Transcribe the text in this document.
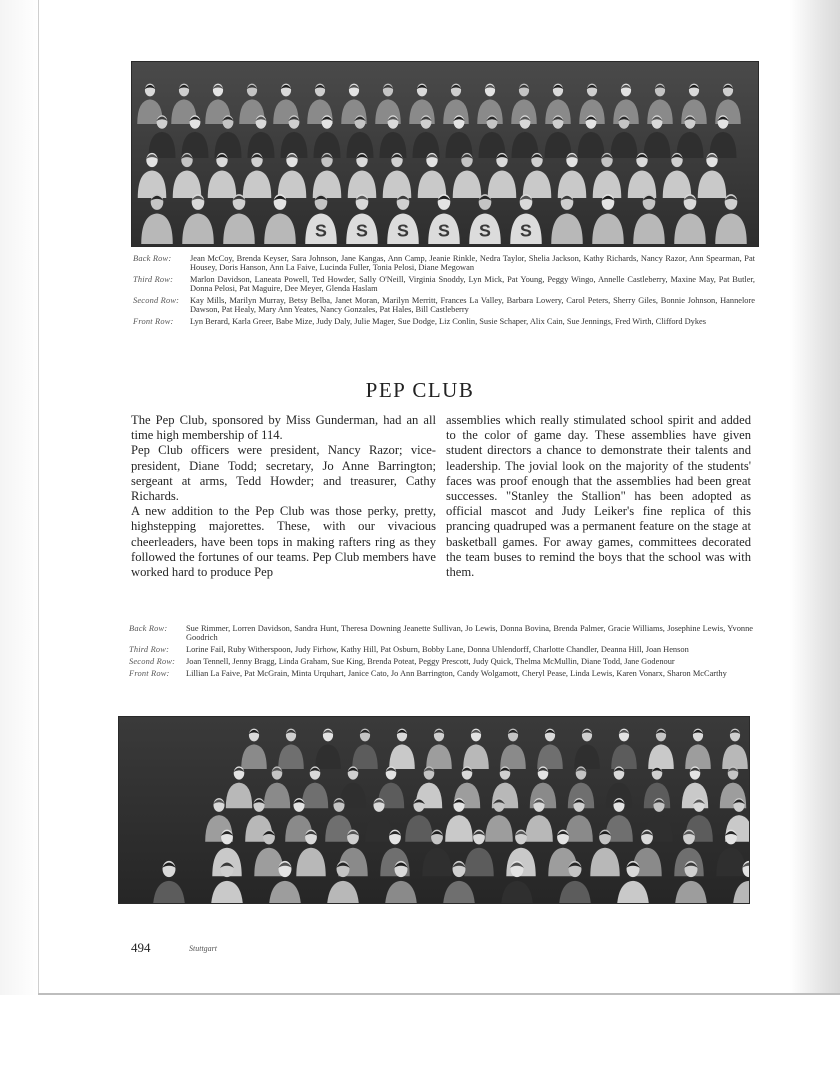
S S S S S S
Back Row:	Jean McCoy, Brenda Keyser, Sara Johnson, Jane Kangas, Ann Camp, Jeanie Rinkle, Nedra Taylor, Shelia Jackson, Kathy Richards, Nancy Razor, Ann Spearman, Pat Housey, Doris Hanson, Ann La Faive, Lucinda Fuller, Tonia Pelosi, Diane Megowan
Third Row:	Marlon Davidson, Laneata Powell, Ted Howder, Sally O'Neill, Virginia Snoddy, Lyn Mick, Pat Young, Peggy Wingo, Annelle Castleberry, Maxine May, Pat Butler, Donna Pelosi, Pat Maguire, Dee Meyer, Glenda Haslam
Second Row:	Kay Mills, Marilyn Murray, Betsy Belba, Janet Moran, Marilyn Merritt, Frances La Valley, Barbara Lowery, Carol Peters, Sherry Giles, Bonnie Johnson, Hannelore Dawson, Pat Healy, Mary Ann Yeates, Nancy Gonzales, Pat Hales, Bill Castleberry
Front Row:	Lyn Berard, Karla Greer, Babe Mize, Judy Daly, Julie Mager, Sue Dodge, Liz Conlin, Susie Schaper, Alix Cain, Sue Jennings, Fred Wirth, Clifford Dykes
PEP CLUB

The Pep Club, sponsored by Miss Gunderman, had an all time high membership of 114.

Pep Club officers were president, Nancy Razor; vice-president, Diane Todd; secretary, Jo Anne Barrington; sergeant at arms, Tedd Howder; and treasurer, Cathy Richards.

A new addition to the Pep Club was those perky, pretty, highstepping majorettes. These, with our vivacious cheerleaders, have been tops in making rafters ring as they followed the fortunes of our teams. Pep Club members have worked hard to produce Pep

assemblies which really stimulated school spirit and added to the color of game day. These assemblies have given student directors a chance to demonstrate their talents and leadership. The jovial look on the majority of the students' faces was proof enough that the assemblies had been great successes. "Stanley the Stallion" has been adopted as official mascot and Judy Leiker's fine replica of this prancing quadruped was a permanent feature on the stage at basketball games. For away games, committees decorated the team buses to remind the boys that the school was with them.

Back Row:	Sue Rimmer, Lorren Davidson, Sandra Hunt, Theresa Downing Jeanette Sullivan, Jo Lewis, Donna Bovina, Brenda Palmer, Gracie Williams, Josephine Lewis, Yvonne Goodrich
Third Row:	Lorine Fail, Ruby Witherspoon, Judy Firhow, Kathy Hill, Pat Osburn, Bobby Lane, Donna Uhlendorff, Charlotte Chandler, Deanna Hill, Joan Henson
Second Row:	Joan Tennell, Jenny Bragg, Linda Graham, Sue King, Brenda Poteat, Peggy Prescott, Judy Quick, Thelma McMullin, Diane Todd, Jane Godenour
Front Row:	Lillian La Faive, Pat McGrain, Minta Urquhart, Janice Cato, Jo Ann Barrington, Candy Wolgamott, Cheryl Pease, Linda Lewis, Karen Vonarx, Sharon McCarthy
494	Stuttgart
